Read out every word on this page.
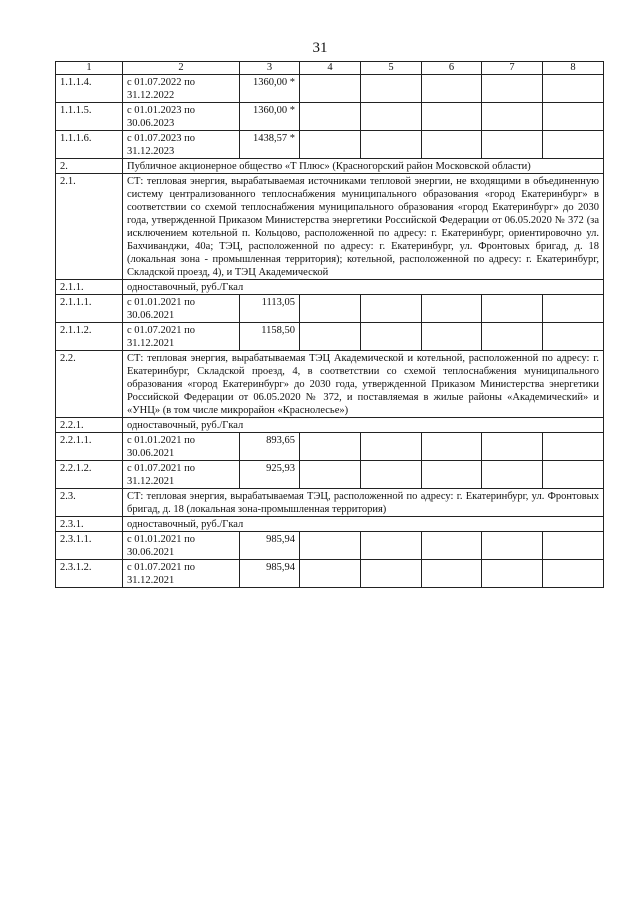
31
1	2	3	4	5	6	7	8
1.1.1.4.	с 01.07.2022 по 31.12.2022	1360,00 *					
1.1.1.5.	с 01.01.2023 по 30.06.2023	1360,00 *					
1.1.1.6.	с 01.07.2023 по 31.12.2023	1438,57 *					
2.	Публичное акционерное общество «Т Плюс» (Красногорский район Московской области)						
2.1.	СТ: тепловая энергия, вырабатываемая источниками тепловой энергии, не входящими в объединенную систему централизованного теплоснабжения муниципального образования «город Екатеринбург» в соответствии со схемой теплоснабжения муниципального образования «город Екатеринбург» до 2030 года, утвержденной Приказом Министерства энергетики Российской Федерации от 06.05.2020 № 372 (за исключением котельной п. Кольцово, расположенной по адресу: г. Екатеринбург, ориентировочно ул. Бахчиванджи, 40а; ТЭЦ, расположенной по адресу: г. Екатеринбург, ул. Фронтовых бригад, д. 18 (локальная зона - промышленная территория); котельной, расположенной по адресу: г. Екатеринбург, Складской проезд, 4), и ТЭЦ Академической						
2.1.1.	одноставочный, руб./Гкал						
2.1.1.1.	с 01.01.2021 по 30.06.2021	1113,05					
2.1.1.2.	с 01.07.2021 по 31.12.2021	1158,50					
2.2.	СТ: тепловая энергия, вырабатываемая ТЭЦ Академической и котельной, расположенной по адресу: г. Екатеринбург, Складской проезд, 4, в соответствии со схемой теплоснабжения муниципального образования «город Екатеринбург» до 2030 года, утвержденной Приказом Министерства энергетики Российской Федерации от 06.05.2020 № 372, и поставляемая в жилые районы «Академический» и «УНЦ» (в том числе микрорайон «Краснолесье»)						
2.2.1.	одноставочный, руб./Гкал						
2.2.1.1.	с 01.01.2021 по 30.06.2021	893,65					
2.2.1.2.	с 01.07.2021 по 31.12.2021	925,93					
2.3.	СТ: тепловая энергия, вырабатываемая ТЭЦ, расположенной по адресу: г. Екатеринбург, ул. Фронтовых бригад, д. 18 (локальная зона-промышленная территория)						
2.3.1.	одноставочный, руб./Гкал						
2.3.1.1.	с 01.01.2021 по 30.06.2021	985,94					
2.3.1.2.	с 01.07.2021 по 31.12.2021	985,94					
